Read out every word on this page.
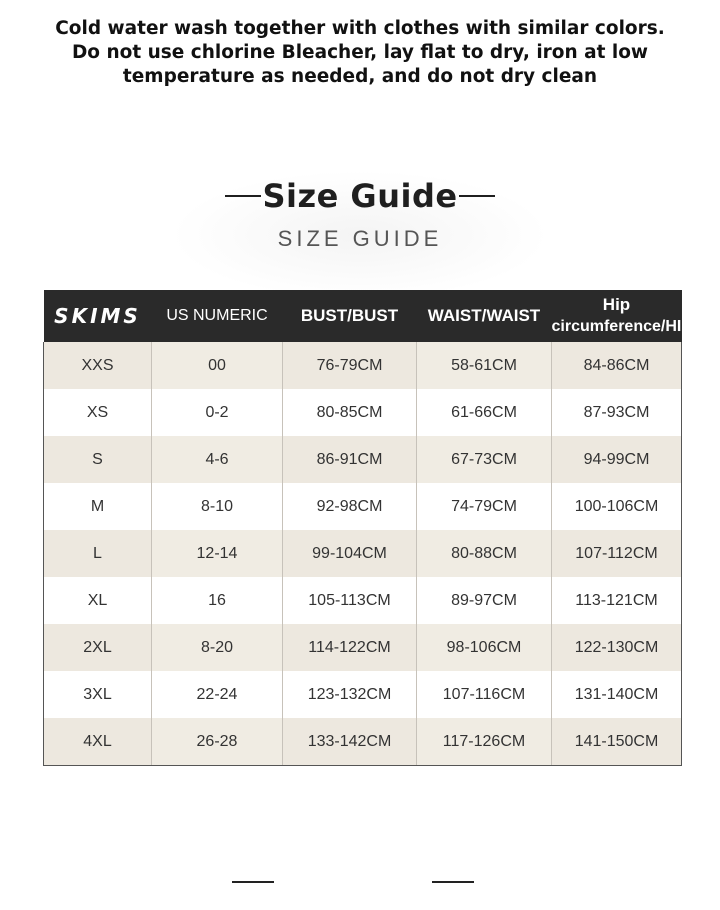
Cold water wash together with clothes with similar colors.
Do not use chlorine Bleacher, lay flat to dry, iron at low
temperature as needed, and do not dry clean
Size Guide
SIZE GUIDE
SKIMS	US NUMERIC	BUST/BUST	WAIST/WAIST	Hip
circumference/HIPS

XXS	00	76-79CM	58-61CM	84-86CM
XS	0-2	80-85CM	61-66CM	87-93CM
S	4-6	86-91CM	67-73CM	94-99CM
M	8-10	92-98CM	74-79CM	100-106CM
L	12-14	99-104CM	80-88CM	107-112CM
XL	16	105-113CM	89-97CM	113-121CM
2XL	8-20	114-122CM	98-106CM	122-130CM
3XL	22-24	123-132CM	107-116CM	131-140CM
4XL	26-28	133-142CM	117-126CM	141-150CM
